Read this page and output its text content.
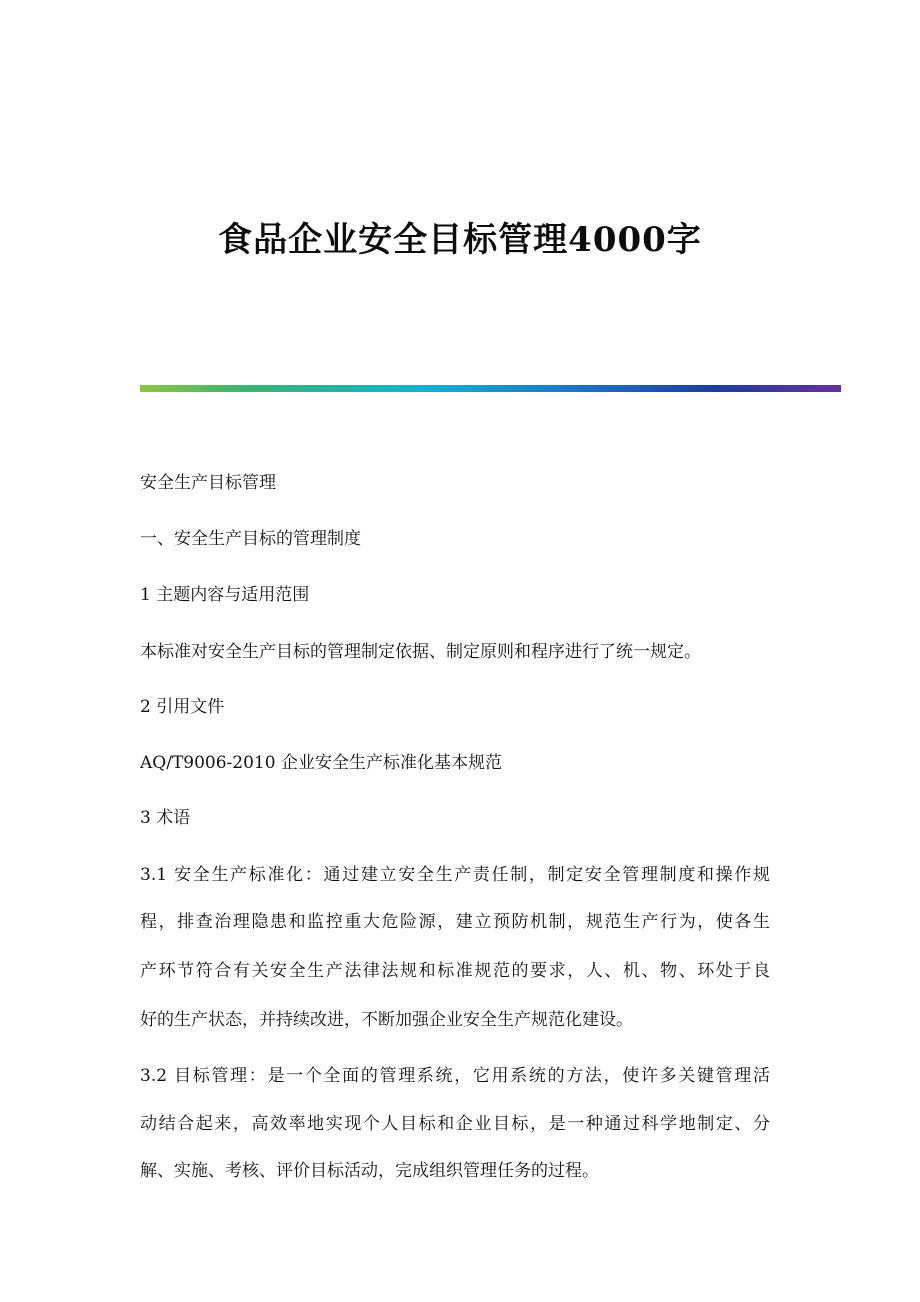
食品企业安全目标管理4000字
安全生产目标管理
一、安全生产目标的管理制度
1 主题内容与适用范围
本标准对安全生产目标的管理制定依据、制定原则和程序进行了统一规定。
2 引用文件
AQ/T9006-2010 企业安全生产标准化基本规范
3 术语
3.1 安全生产标准化：通过建立安全生产责任制，制定安全管理制度和操作规
程，排查治理隐患和监控重大危险源，建立预防机制，规范生产行为，使各生
产环节符合有关安全生产法律法规和标准规范的要求，人、机、物、环处于良
好的生产状态，并持续改进，不断加强企业安全生产规范化建设。
3.2 目标管理：是一个全面的管理系统，它用系统的方法，使许多关键管理活
动结合起来，高效率地实现个人目标和企业目标，是一种通过科学地制定、分
解、实施、考核、评价目标活动，完成组织管理任务的过程。
